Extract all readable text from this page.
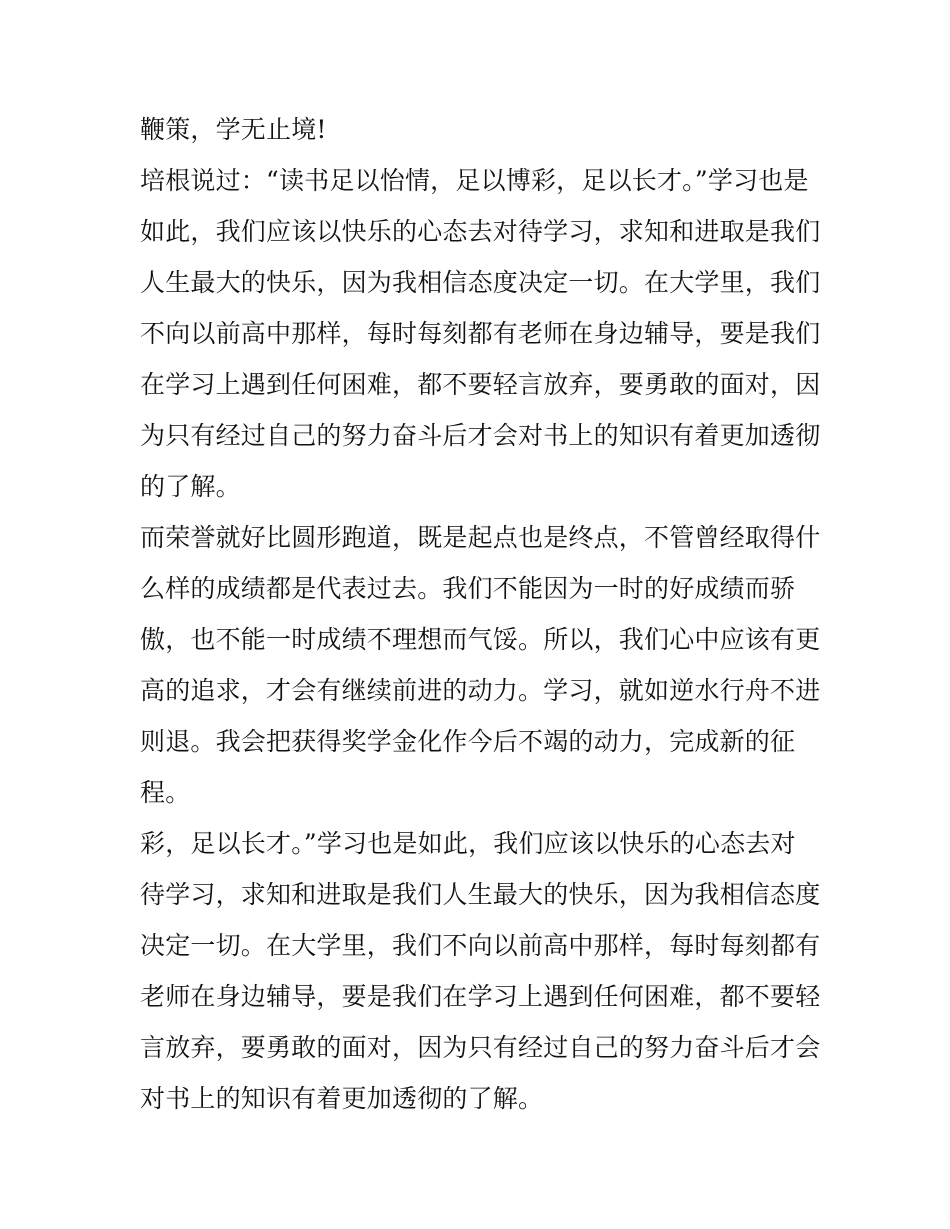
鞭策，学无止境!
培根说过：“读书足以怡情，足以博彩，足以长才。”学习也是
如此，我们应该以快乐的心态去对待学习，求知和进取是我们
人生最大的快乐，因为我相信态度决定一切。在大学里，我们
不向以前高中那样，每时每刻都有老师在身边辅导，要是我们
在学习上遇到任何困难，都不要轻言放弃，要勇敢的面对，因
为只有经过自己的努力奋斗后才会对书上的知识有着更加透彻
的了解。
而荣誉就好比圆形跑道，既是起点也是终点，不管曾经取得什
么样的成绩都是代表过去。我们不能因为一时的好成绩而骄
傲，也不能一时成绩不理想而气馁。所以，我们心中应该有更
高的追求，才会有继续前进的动力。学习，就如逆水行舟不进
则退。我会把获得奖学金化作今后不竭的动力，完成新的征
程。
彩，足以长才。”学习也是如此，我们应该以快乐的心态去对
待学习，求知和进取是我们人生最大的快乐，因为我相信态度
决定一切。在大学里，我们不向以前高中那样，每时每刻都有
老师在身边辅导，要是我们在学习上遇到任何困难，都不要轻
言放弃，要勇敢的面对，因为只有经过自己的努力奋斗后才会
对书上的知识有着更加透彻的了解。
